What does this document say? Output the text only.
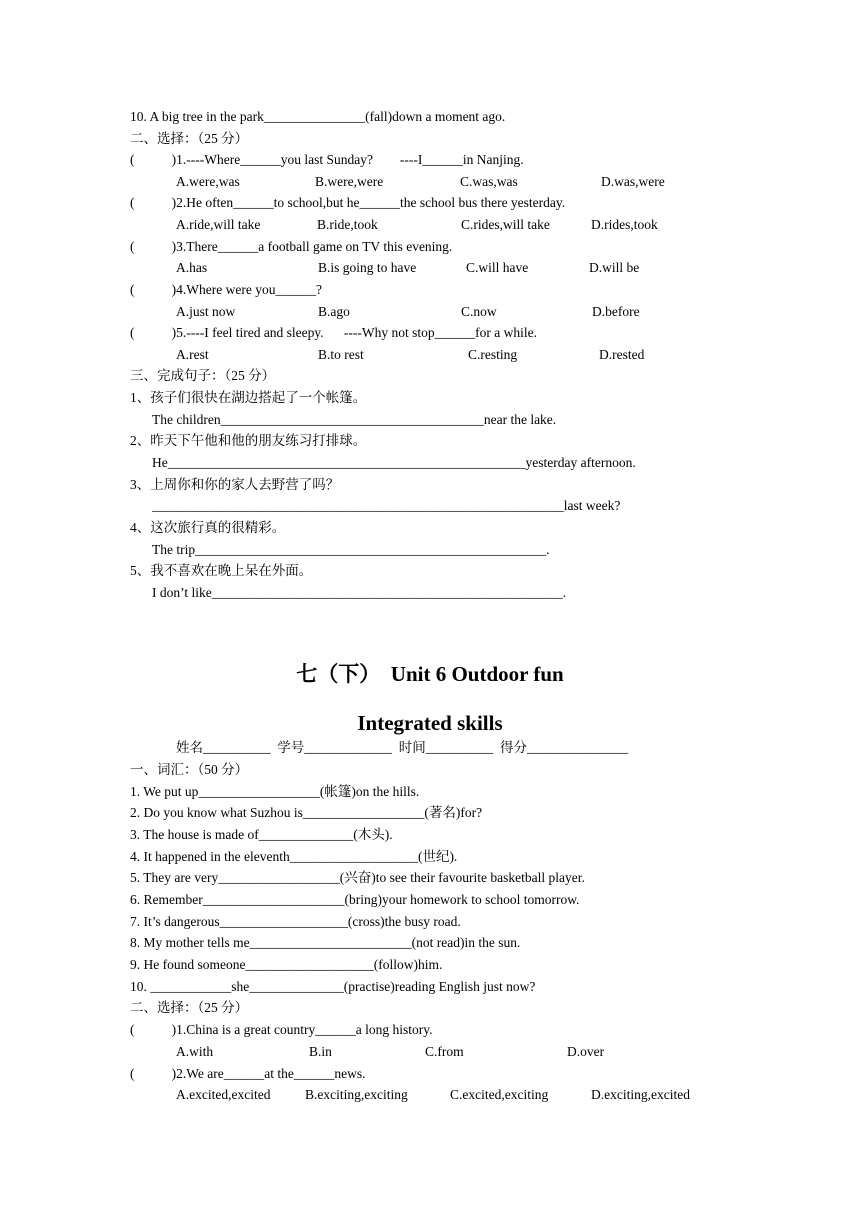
10. A big tree in the park_______________(fall)down a moment ago.
二、选择：（25 分）
(           )1.----Where______you last Sunday?        ----I______in Nanjing.
A.were,was	B.were,were	C.was,was	D.was,were
(           )2.He often______to school,but he______the school bus there yesterday.
A.ride,will take	B.ride,took	C.rides,will take	D.rides,took
(           )3.There______a football game on TV this evening.
A.has	B.is going to have	C.will have	D.will be
(           )4.Where were you______?
A.just now	B.ago	C.now	D.before
(           )5.----I feel tired and sleepy.      ----Why not stop______for a while.
A.rest	B.to rest	C.resting	D.rested
三、完成句子：（25 分）
1、孩子们很快在湖边搭起了一个帐篷。
The children_______________________________________near the lake.
2、昨天下午他和他的朋友练习打排球。
He_____________________________________________________yesterday afternoon.
3、上周你和你的家人去野营了吗？
_____________________________________________________________last week?
4、这次旅行真的很精彩。
The trip____________________________________________________.
5、我不喜欢在晚上呆在外面。
I don’t like____________________________________________________.
七（下）  Unit 6 Outdoor fun
Integrated skills
姓名__________  学号_____________  时间__________  得分_______________
一、词汇：（50 分）
1. We put up__________________(帐篷)on the hills.
2. Do you know what Suzhou is__________________(著名)for?
3. The house is made of______________(木头).
4. It happened in the eleventh___________________(世纪).
5. They are very__________________(兴奋)to see their favourite basketball player.
6. Remember_____________________(bring)your homework to school tomorrow.
7. It’s dangerous___________________(cross)the busy road.
8. My mother tells me________________________(not read)in the sun.
9. He found someone___________________(follow)him.
10. ____________she______________(practise)reading English just now?
二、选择：（25 分）
(           )1.China is a great country______a long history.
A.with	B.in	C.from	D.over
(           )2.We are______at the______news.
A.excited,excited	B.exciting,exciting	C.excited,exciting	D.exciting,excited
